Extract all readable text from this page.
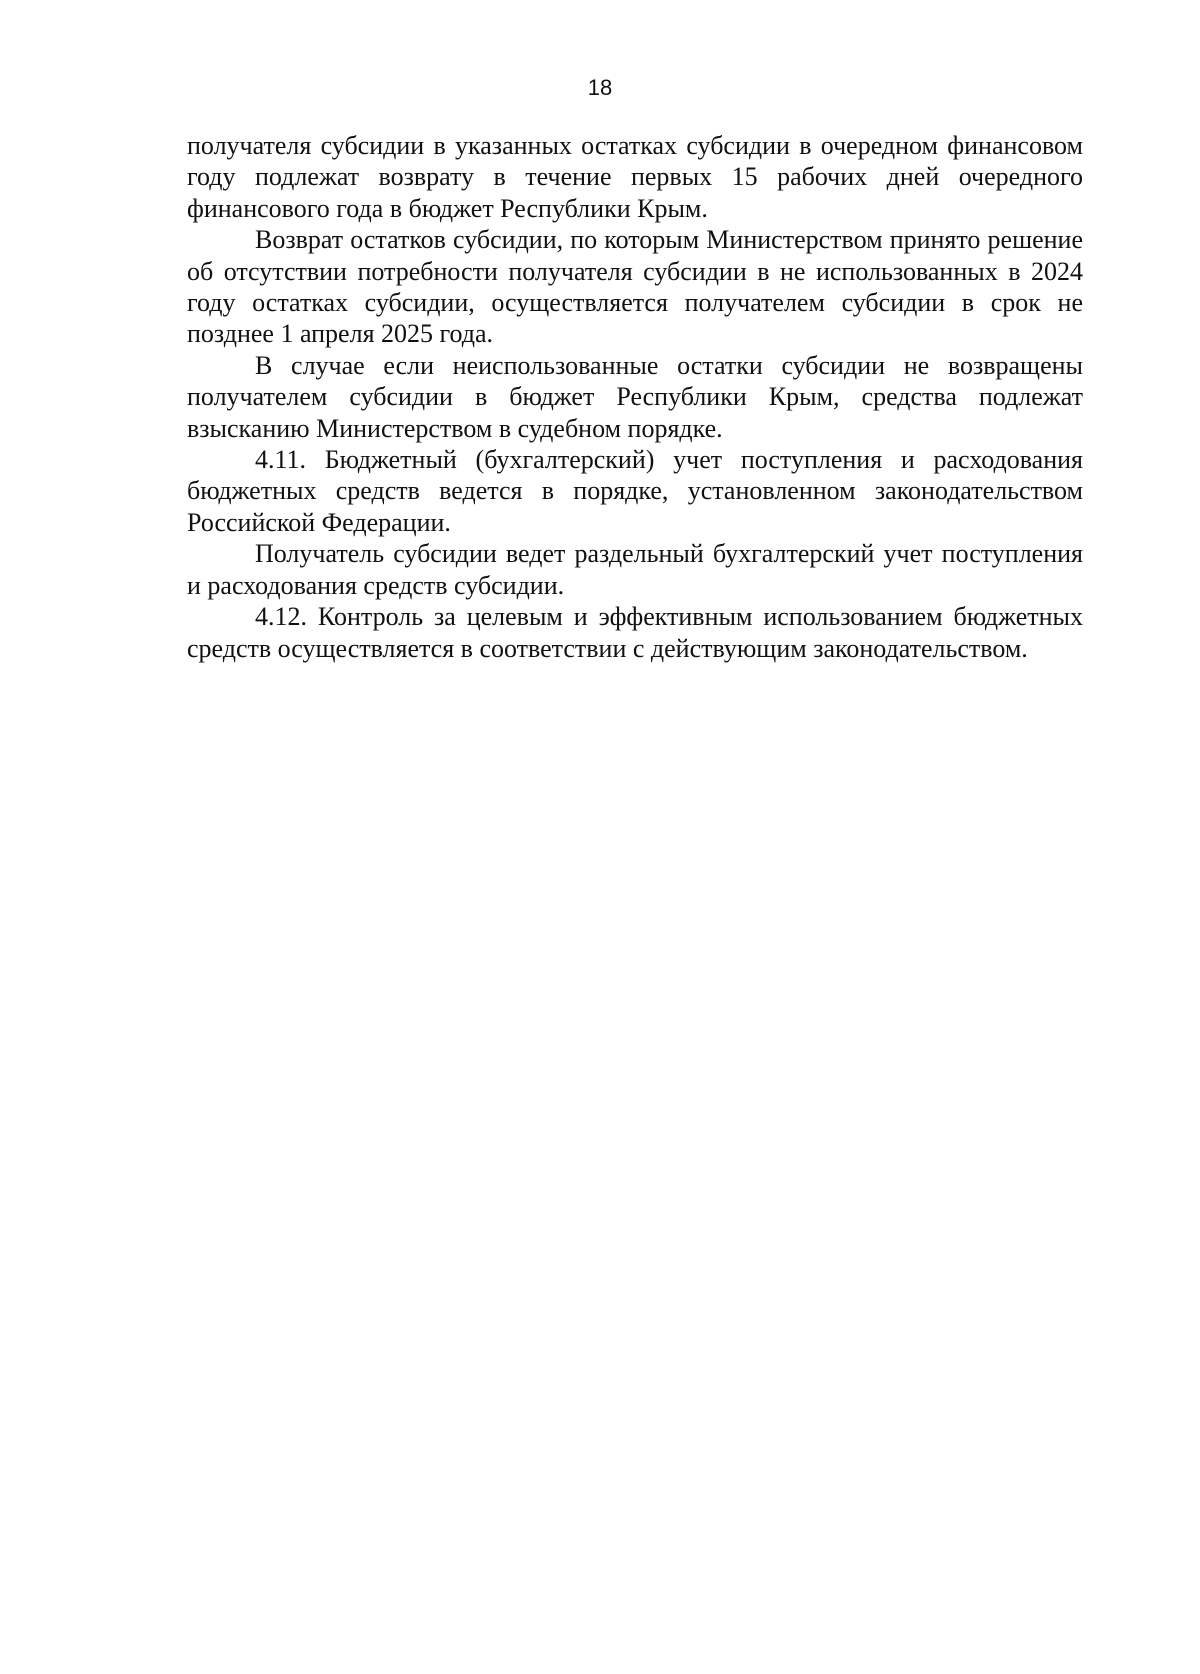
18

получателя субсидии в указанных остатках субсидии в очередном финансовом году подлежат возврату в течение первых 15 рабочих дней очередного финансового года в бюджет Республики Крым.

Возврат остатков субсидии, по которым Министерством принято решение об отсутствии потребности получателя субсидии в не использованных в 2024 году остатках субсидии, осуществляется получателем субсидии в срок не позднее 1 апреля 2025 года.

В случае если неиспользованные остатки субсидии не возвращены получателем субсидии в бюджет Республики Крым, средства подлежат взысканию Министерством в судебном порядке.

4.11. Бюджетный (бухгалтерский) учет поступления и расходования бюджетных средств ведется в порядке, установленном законодательством Российской Федерации.

Получатель субсидии ведет раздельный бухгалтерский учет поступления и расходования средств субсидии.

4.12. Контроль за целевым и эффективным использованием бюджетных средств осуществляется в соответствии с действующим законодательством.
